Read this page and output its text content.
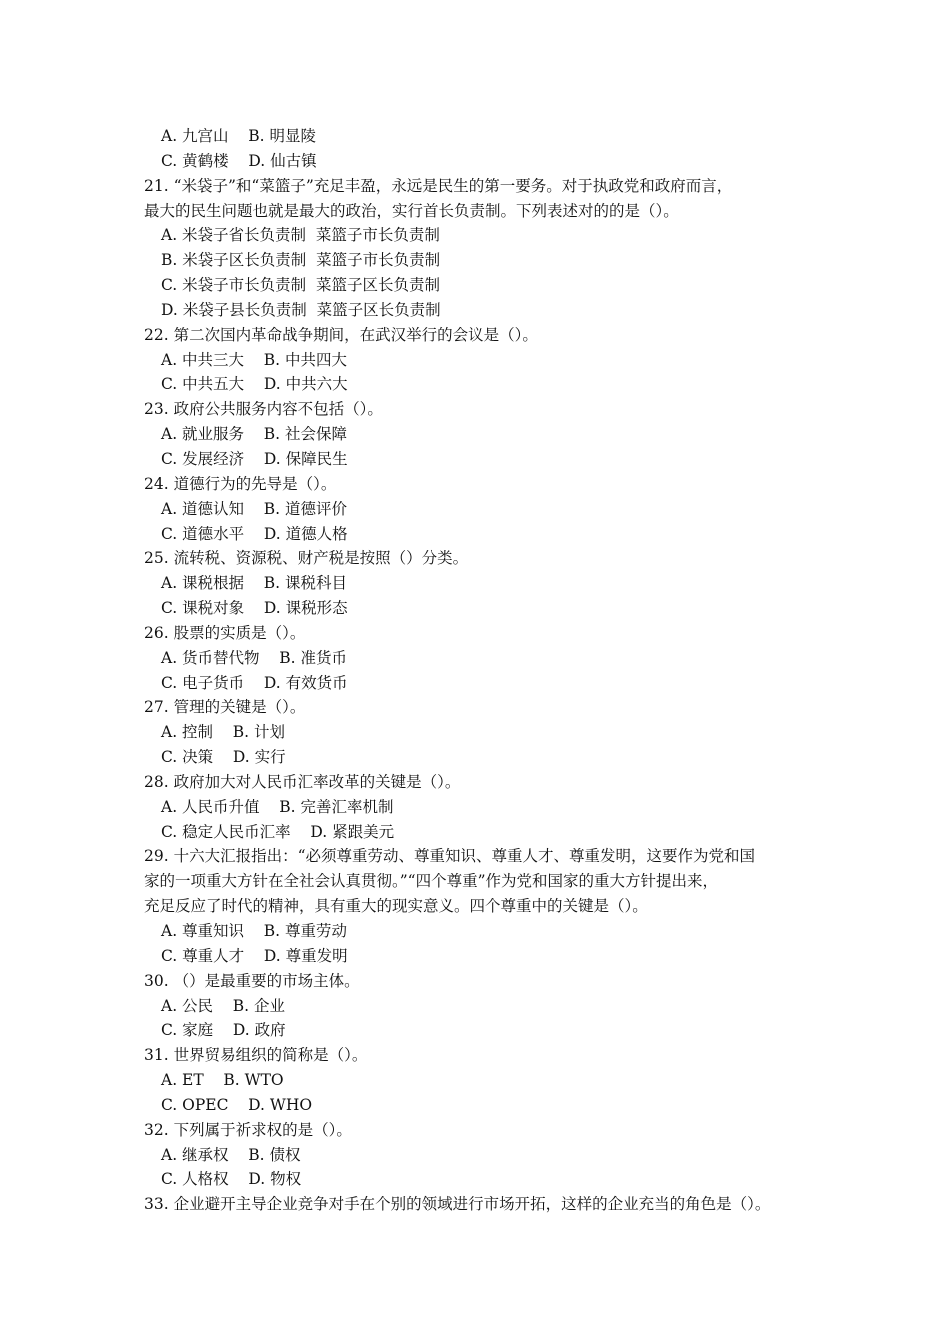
A. 九宫山    B. 明显陵
C. 黄鹤楼    D. 仙古镇
21. “米袋子”和“菜篮子”充足丰盈，永远是民生的第一要务。对于执政党和政府而言，
最大的民生问题也就是最大的政治，实行首长负责制。下列表述对的的是（）。
A. 米袋子省长负责制  菜篮子市长负责制
B. 米袋子区长负责制  菜篮子市长负责制
C. 米袋子市长负责制  菜篮子区长负责制
D. 米袋子县长负责制  菜篮子区长负责制
22. 第二次国内革命战争期间，在武汉举行的会议是（）。
A. 中共三大    B. 中共四大
C. 中共五大    D. 中共六大
23. 政府公共服务内容不包括（）。
A. 就业服务    B. 社会保障
C. 发展经济    D. 保障民生
24. 道德行为的先导是（）。
A. 道德认知    B. 道德评价
C. 道德水平    D. 道德人格
25. 流转税、资源税、财产税是按照（）分类。
A. 课税根据    B. 课税科目
C. 课税对象    D. 课税形态
26. 股票的实质是（）。
A. 货币替代物    B. 准货币
C. 电子货币    D. 有效货币
27. 管理的关键是（）。
A. 控制    B. 计划
C. 决策    D. 实行
28. 政府加大对人民币汇率改革的关键是（）。
A. 人民币升值    B. 完善汇率机制
C. 稳定人民币汇率    D. 紧跟美元
29. 十六大汇报指出：“必须尊重劳动、尊重知识、尊重人才、尊重发明，这要作为党和国
家的一项重大方针在全社会认真贯彻。”“四个尊重”作为党和国家的重大方针提出来，
充足反应了时代的精神，具有重大的现实意义。四个尊重中的关键是（）。
A. 尊重知识    B. 尊重劳动
C. 尊重人才    D. 尊重发明
30. （）是最重要的市场主体。
A. 公民    B. 企业
C. 家庭    D. 政府
31. 世界贸易组织的简称是（）。
A. ET    B. WTO
C. OPEC    D. WHO
32. 下列属于祈求权的是（）。
A. 继承权    B. 债权
C. 人格权    D. 物权
33. 企业避开主导企业竞争对手在个别的领域进行市场开拓，这样的企业充当的角色是（）。
